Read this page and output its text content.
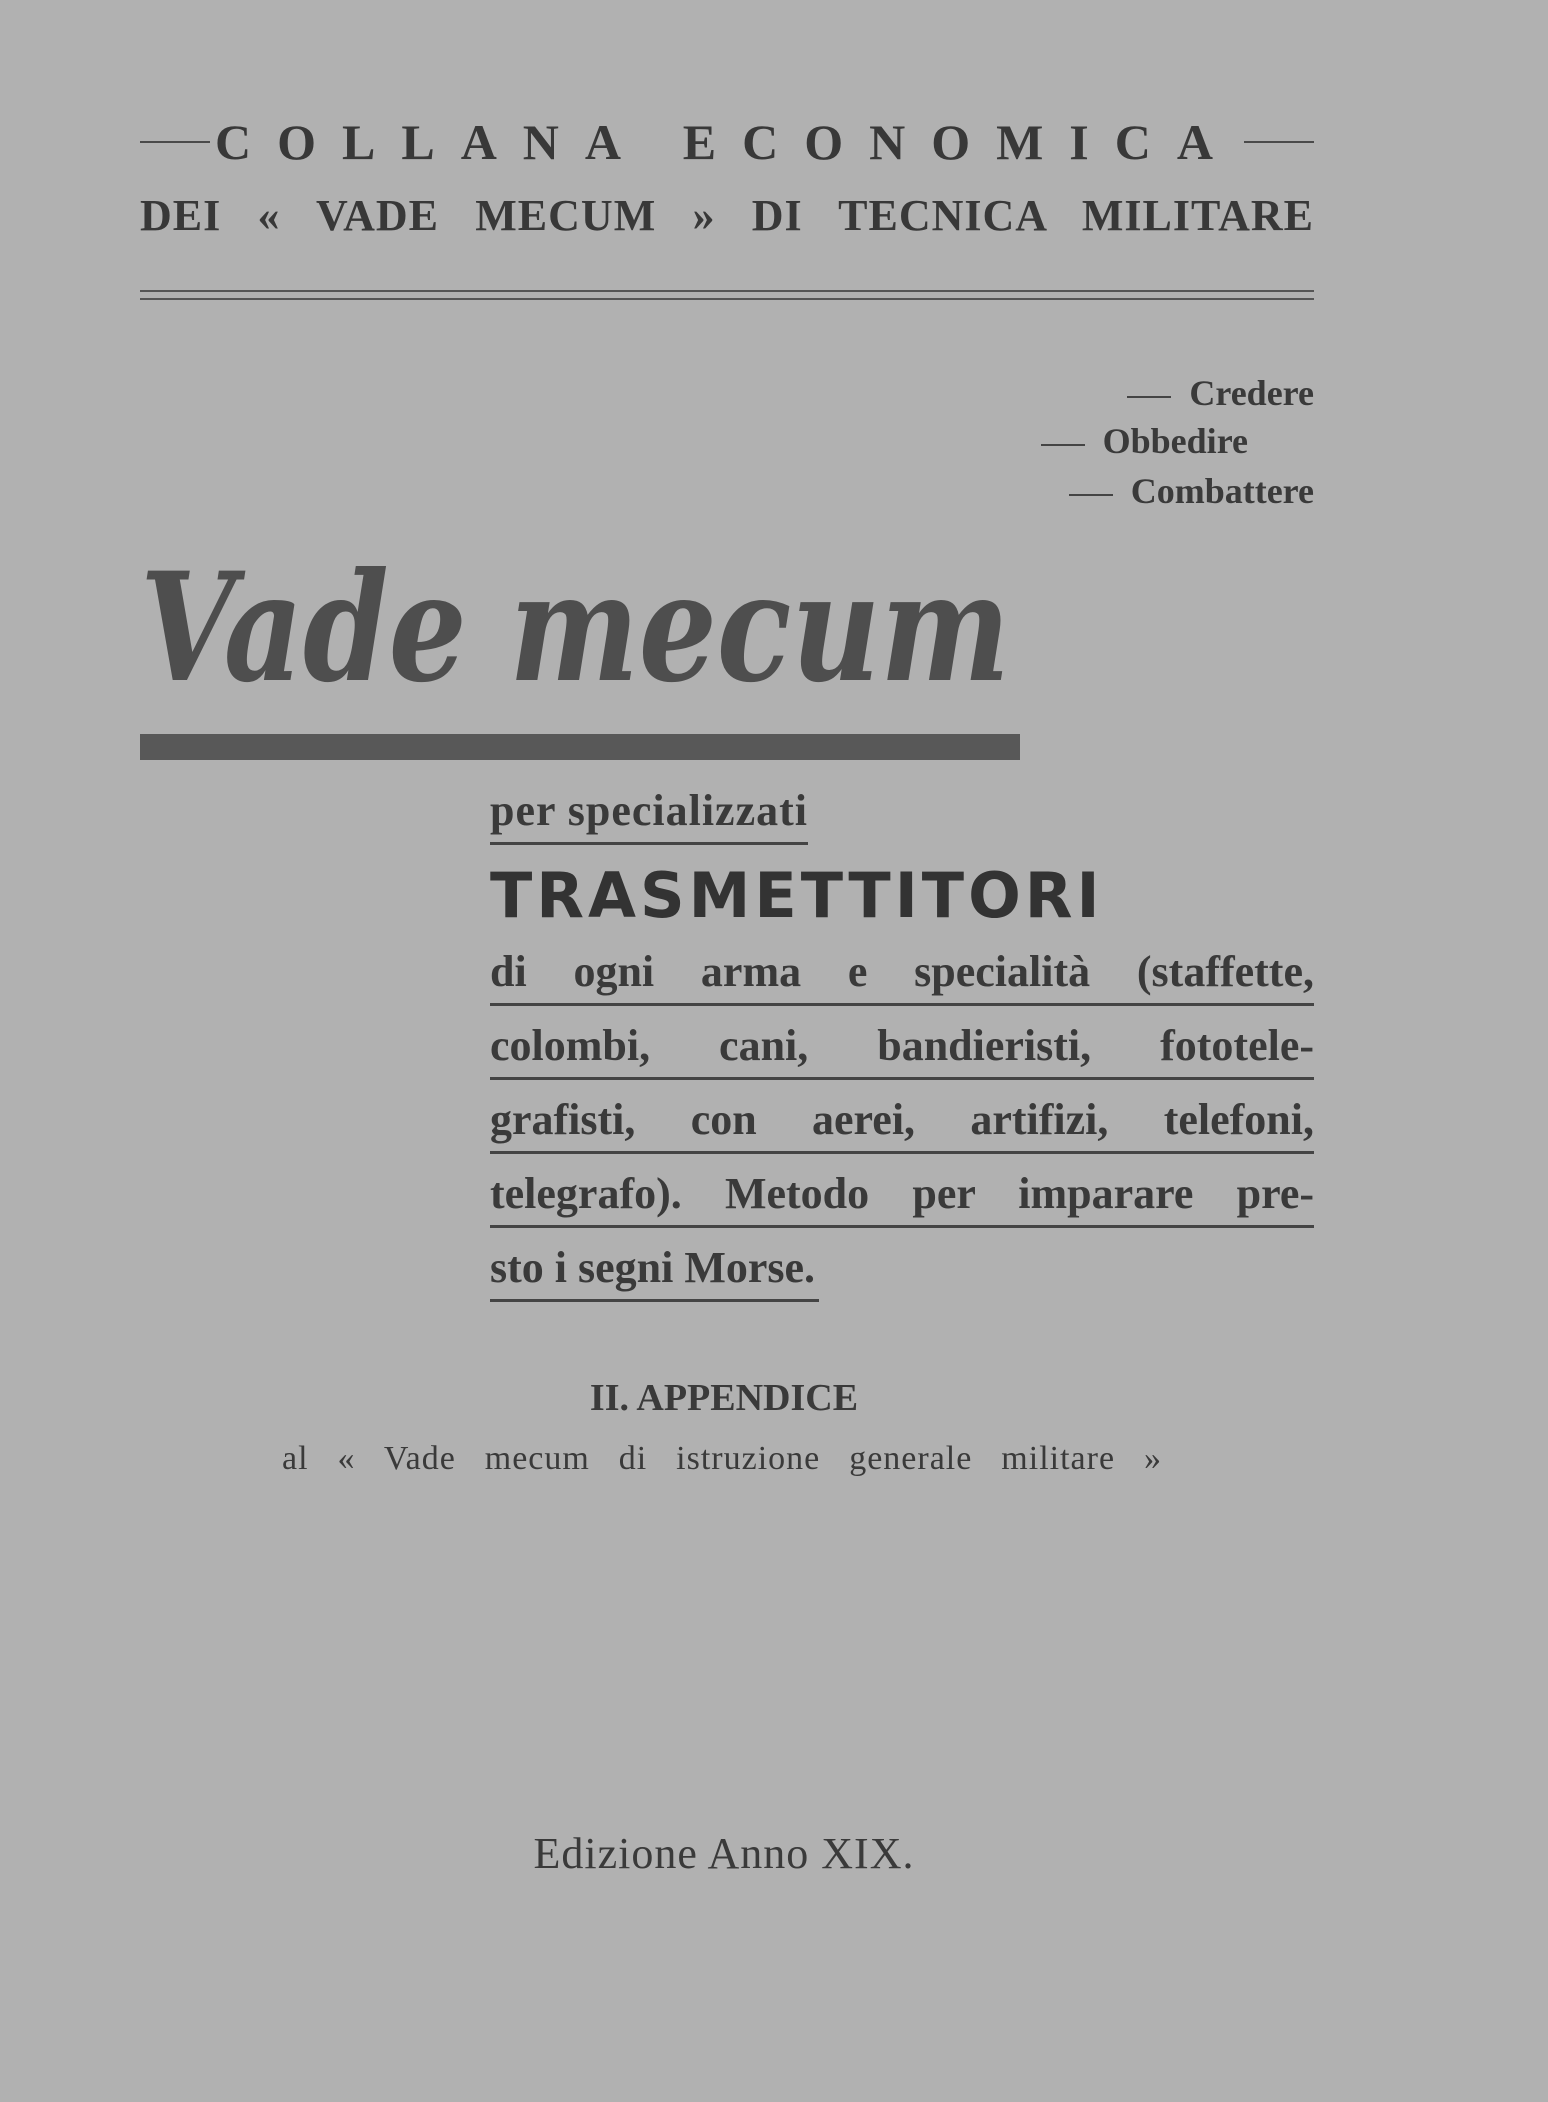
COLLANA ECONOMICA
DEI « VADE MECUM » DI TECNICA MILITARE
Credere
Obbedire
Combattere
Vade mecum
per specializzati
TRASMETTITORI
di ogni arma e specialità (staffette,
colombi, cani, bandieristi, fototele-
grafisti, con aerei, artifizi, telefoni,
telegrafo). Metodo per imparare pre-
sto i segni Morse.
II. APPENDICE
al « Vade mecum di istruzione generale militare »
Edizione Anno XIX.
